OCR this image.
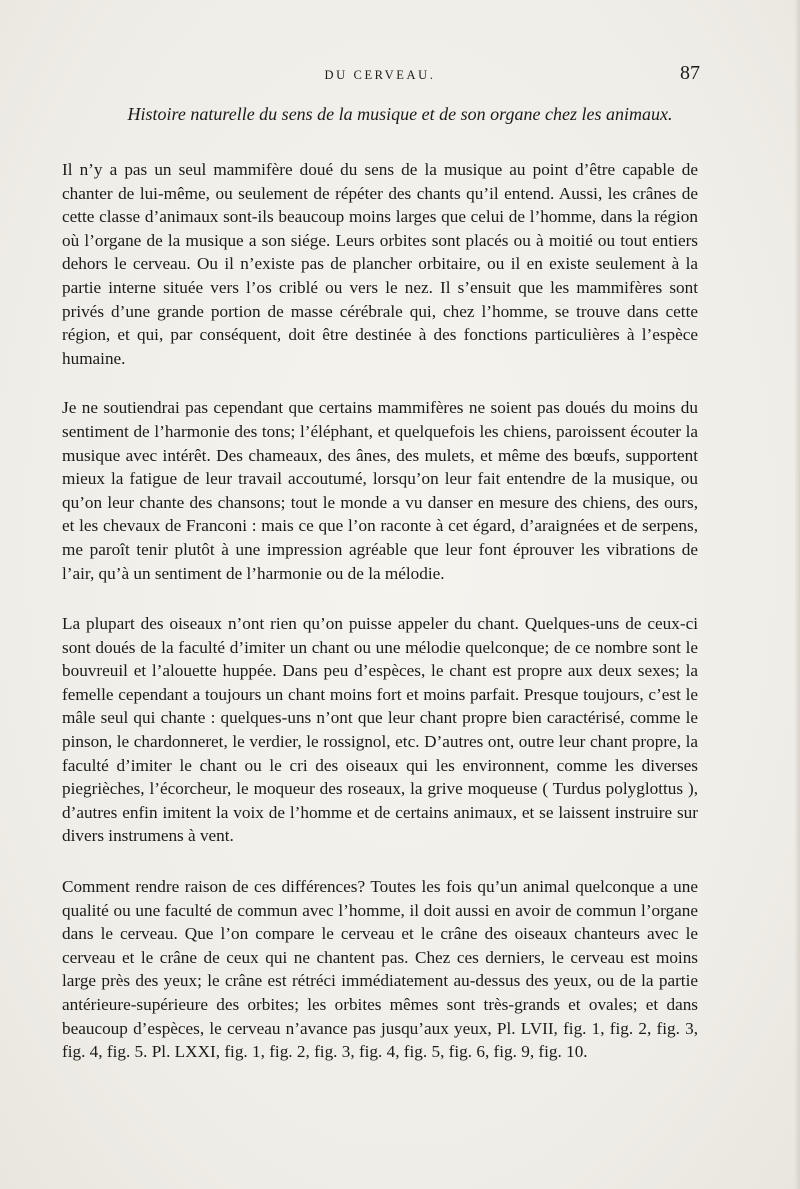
DU CERVEAU.	87
Histoire naturelle du sens de la musique et de son organe chez les animaux.

Il n’y a pas un seul mammifère doué du sens de la musique au point d’être capable de chanter de lui-même, ou seulement de répéter des chants qu’il entend. Aussi, les crânes de cette classe d’animaux sont-ils beaucoup moins larges que celui de l’homme, dans la région où l’organe de la musique a son siége. Leurs orbites sont placés ou à moitié ou tout entiers dehors le cerveau. Ou il n’existe pas de plancher orbitaire, ou il en existe seulement à la partie interne située vers l’os criblé ou vers le nez. Il s’ensuit que les mammifères sont privés d’une grande portion de masse cérébrale qui, chez l’homme, se trouve dans cette région, et qui, par conséquent, doit être destinée à des fonctions particulières à l’espèce humaine.

Je ne soutiendrai pas cependant que certains mammifères ne soient pas doués du moins du sentiment de l’harmonie des tons; l’éléphant, et quelquefois les chiens, paroissent écouter la musique avec intérêt. Des chameaux, des ânes, des mulets, et même des bœufs, supportent mieux la fatigue de leur travail accoutumé, lorsqu’on leur fait entendre de la musique, ou qu’on leur chante des chansons; tout le monde a vu danser en mesure des chiens, des ours, et les chevaux de Franconi : mais ce que l’on raconte à cet égard, d’araignées et de serpens, me paroît tenir plutôt à une impression agréable que leur font éprouver les vibrations de l’air, qu’à un sentiment de l’harmonie ou de la mélodie.

La plupart des oiseaux n’ont rien qu’on puisse appeler du chant. Quelques-uns de ceux-ci sont doués de la faculté d’imiter un chant ou une mélodie quelconque; de ce nombre sont le bouvreuil et l’alouette huppée. Dans peu d’espèces, le chant est propre aux deux sexes; la femelle cependant a toujours un chant moins fort et moins parfait. Presque toujours, c’est le mâle seul qui chante : quelques-uns n’ont que leur chant propre bien caractérisé, comme le pinson, le chardonneret, le verdier, le rossignol, etc. D’autres ont, outre leur chant propre, la faculté d’imiter le chant ou le cri des oiseaux qui les environnent, comme les diverses piegrièches, l’écorcheur, le moqueur des roseaux, la grive moqueuse ( Turdus polyglottus ), d’autres enfin imitent la voix de l’homme et de certains animaux, et se laissent instruire sur divers instrumens à vent.

Comment rendre raison de ces différences? Toutes les fois qu’un animal quelconque a une qualité ou une faculté de commun avec l’homme, il doit aussi en avoir de commun l’organe dans le cerveau. Que l’on compare le cerveau et le crâne des oiseaux chanteurs avec le cerveau et le crâne de ceux qui ne chantent pas. Chez ces derniers, le cerveau est moins large près des yeux; le crâne est rétréci immédiatement au-dessus des yeux, ou de la partie antérieure-supérieure des orbites; les orbites mêmes sont très-grands et ovales; et dans beaucoup d’espèces, le cerveau n’avance pas jusqu’aux yeux, Pl. LVII, fig. 1, fig. 2, fig. 3, fig. 4, fig. 5. Pl. LXXI, fig. 1, fig. 2, fig. 3, fig. 4, fig. 5, fig. 6, fig. 9, fig. 10.
